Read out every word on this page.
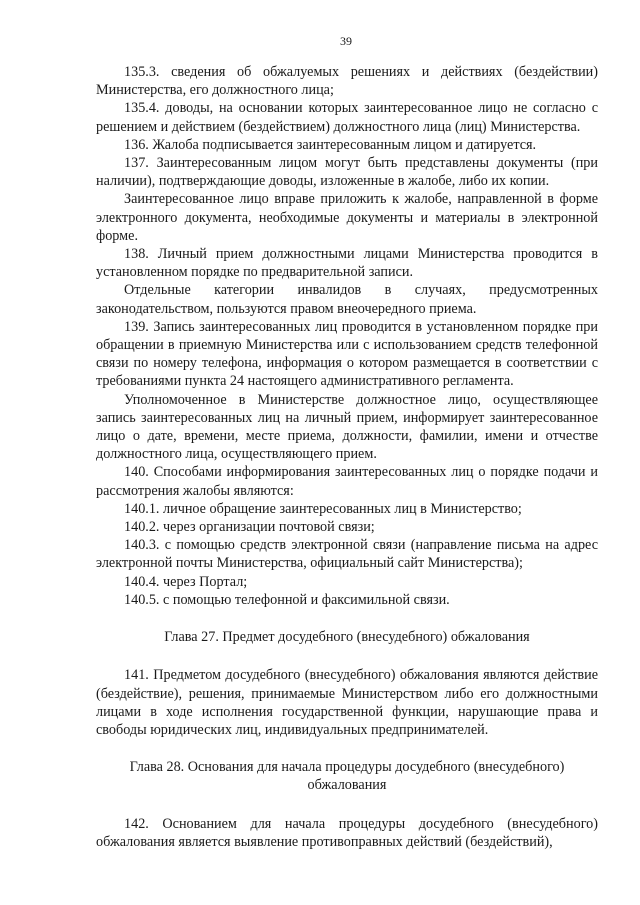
39

135.3. сведения об обжалуемых решениях и действиях (бездействии) Министерства, его должностного лица;

135.4. доводы, на основании которых заинтересованное лицо не согласно с решением и действием (бездействием) должностного лица (лиц) Министерства.

136. Жалоба подписывается заинтересованным лицом и датируется.

137. Заинтересованным лицом могут быть представлены документы (при наличии), подтверждающие доводы, изложенные в жалобе, либо их копии.

Заинтересованное лицо вправе приложить к жалобе, направленной в форме электронного документа, необходимые документы и материалы в электронной форме.

138. Личный прием должностными лицами Министерства проводится в установленном порядке по предварительной записи.

Отдельные категории инвалидов в случаях, предусмотренных законодательством, пользуются правом внеочередного приема.

139. Запись заинтересованных лиц проводится в установленном порядке при обращении в приемную Министерства или с использованием средств телефонной связи по номеру телефона, информация о котором размещается в соответствии с требованиями пункта 24 настоящего административного регламента.

Уполномоченное в Министерстве должностное лицо, осуществляющее запись заинтересованных лиц на личный прием, информирует заинтересованное лицо о дате, времени, месте приема, должности, фамилии, имени и отчестве должностного лица, осуществляющего прием.

140. Способами информирования заинтересованных лиц о порядке подачи и рассмотрения жалобы являются:

140.1. личное обращение заинтересованных лиц в Министерство;

140.2. через организации почтовой связи;

140.3. с помощью средств электронной связи (направление письма на адрес электронной почты Министерства, официальный сайт Министерства);

140.4. через Портал;

140.5. с помощью телефонной и факсимильной связи.

Глава 27. Предмет досудебного (внесудебного) обжалования

141. Предметом досудебного (внесудебного) обжалования являются действие (бездействие), решения, принимаемые Министерством либо его должностными лицами в ходе исполнения государственной функции, нарушающие права и свободы юридических лиц, индивидуальных предпринимателей.

Глава 28. Основания для начала процедуры досудебного (внесудебного)
обжалования

142. Основанием для начала процедуры досудебного (внесудебного) обжалования является выявление противоправных действий (бездействий),
